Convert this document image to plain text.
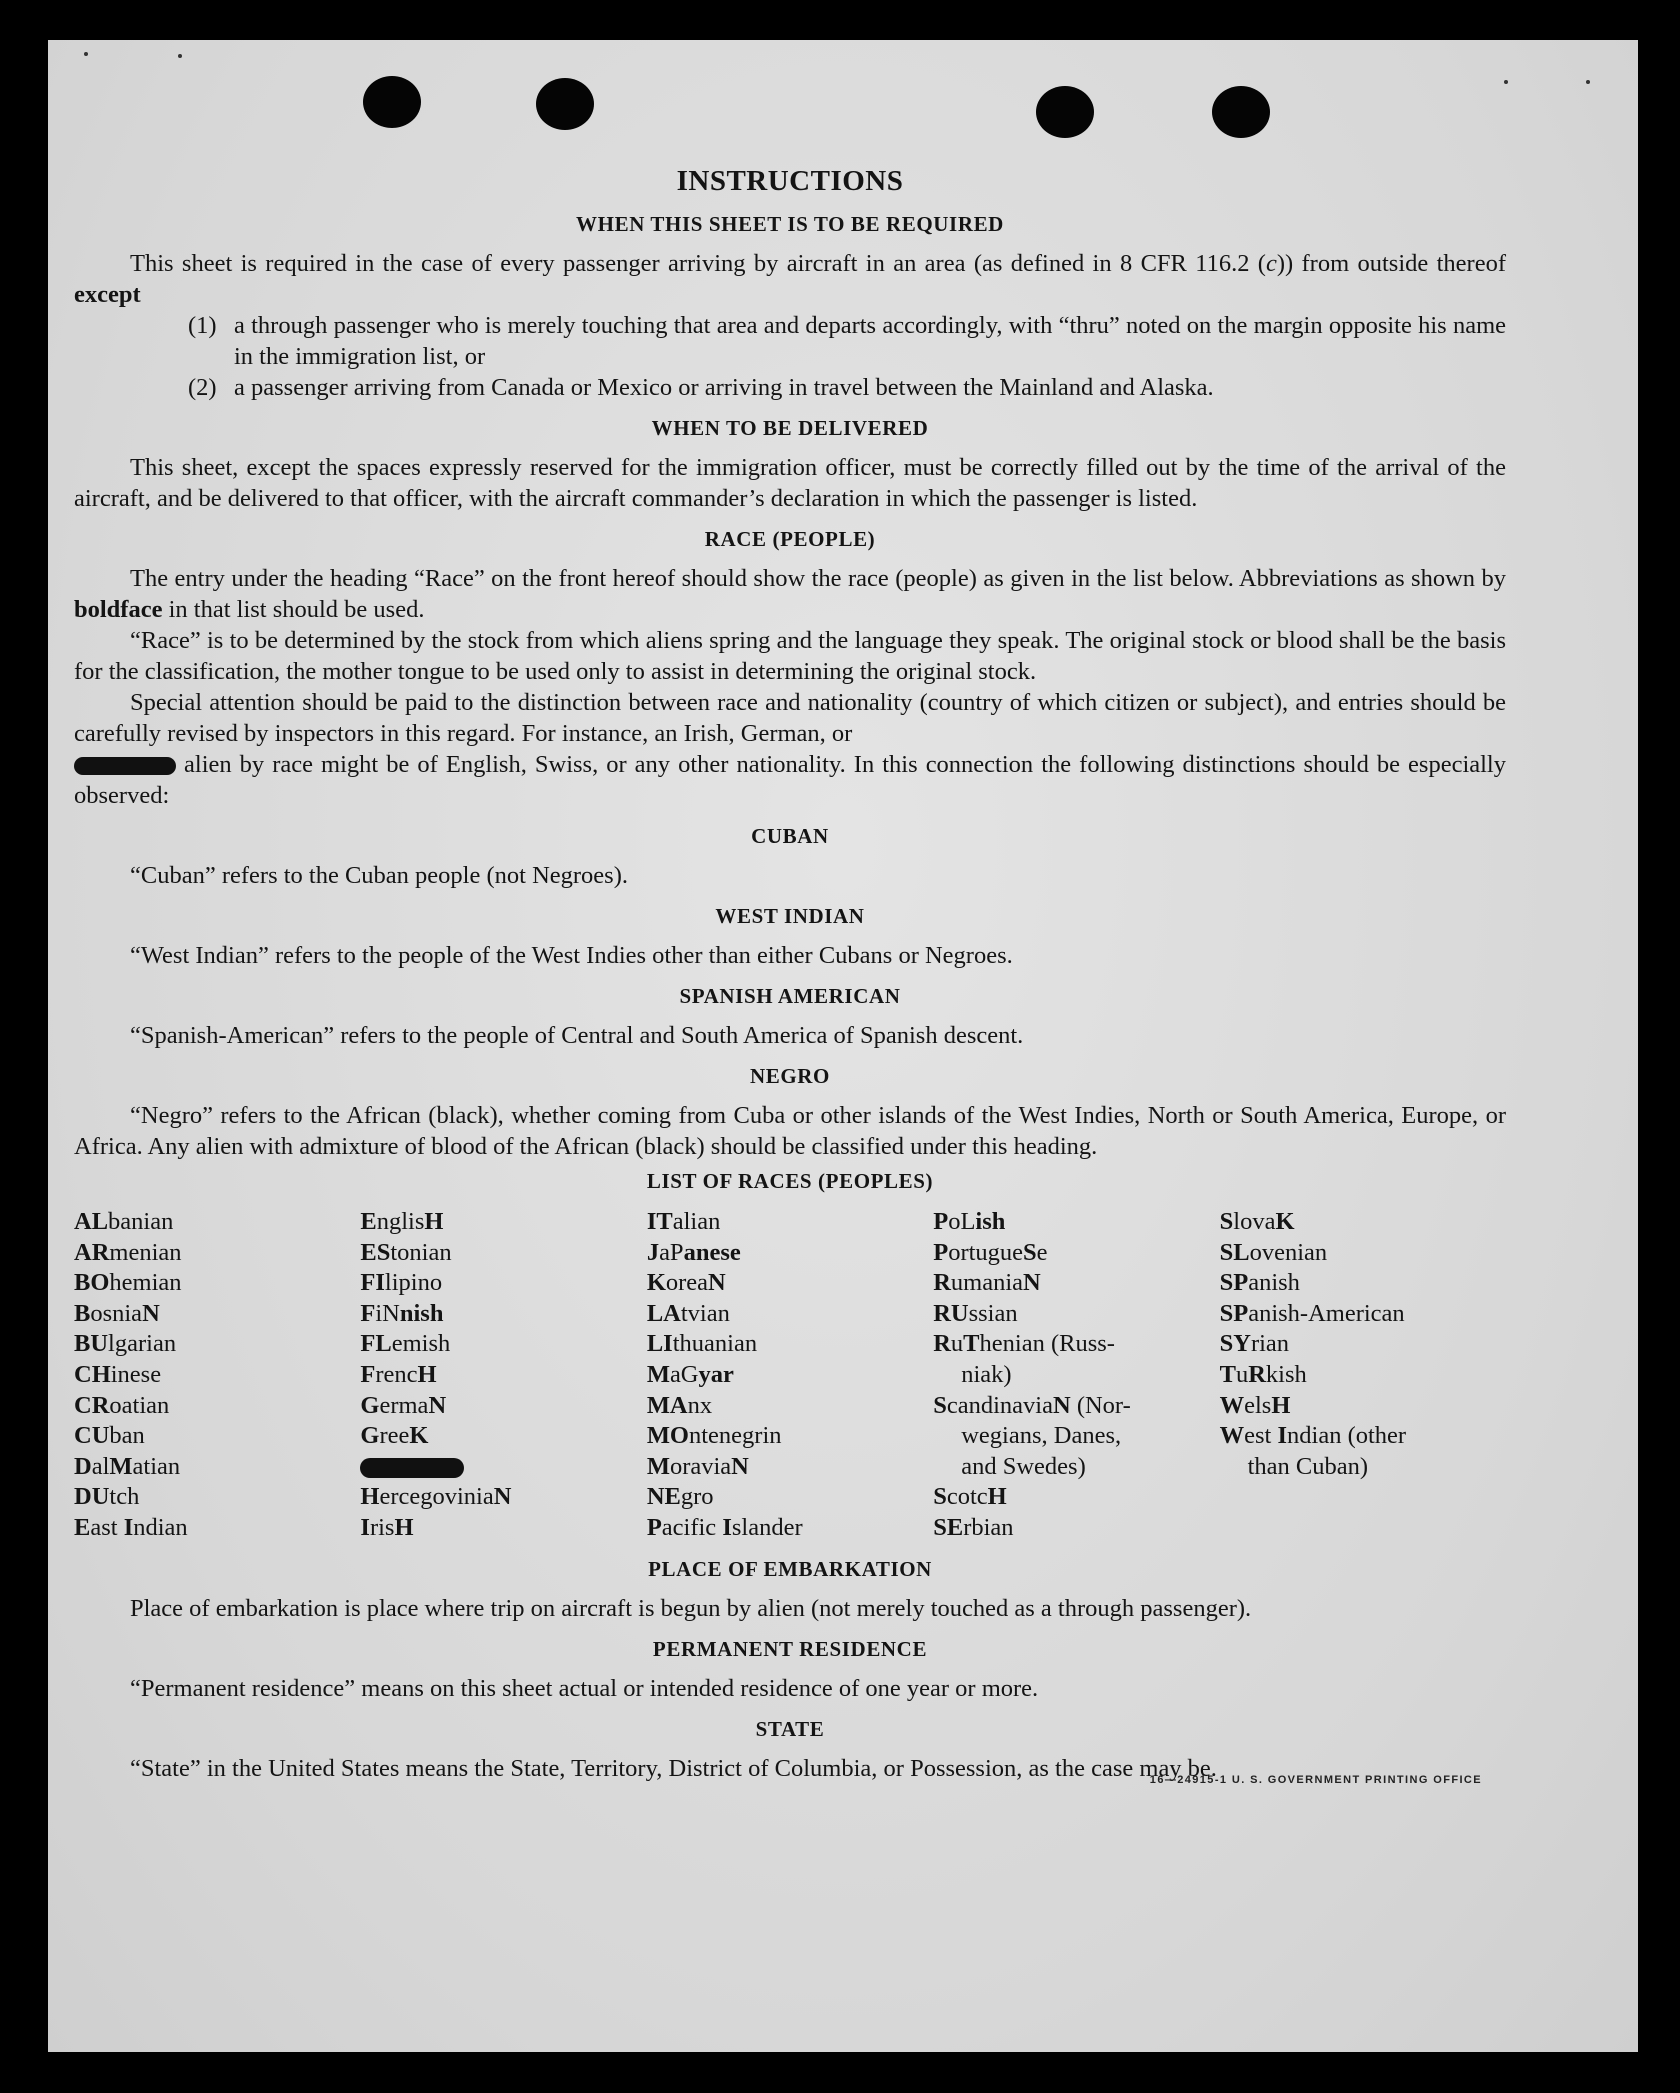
INSTRUCTIONS
WHEN THIS SHEET IS TO BE REQUIRED

This sheet is required in the case of every passenger arriving by aircraft in an area (as defined in 8 CFR 116.2 (c)) from outside thereof except

(1) a through passenger who is merely touching that area and departs accordingly, with “thru” noted on the margin opposite his name in the immigration list, or
(2) a passenger arriving from Canada or Mexico or arriving in travel between the Mainland and Alaska.
WHEN TO BE DELIVERED

This sheet, except the spaces expressly reserved for the immigration officer, must be correctly filled out by the time of the arrival of the aircraft, and be delivered to that officer, with the aircraft commander’s declaration in which the passenger is listed.

RACE (PEOPLE)

The entry under the heading “Race” on the front hereof should show the race (people) as given in the list below. Abbreviations as shown by boldface in that list should be used.

“Race” is to be determined by the stock from which aliens spring and the language they speak. The original stock or blood shall be the basis for the classification, the mother tongue to be used only to assist in determining the original stock.

Special attention should be paid to the distinction between race and nationality (country of which citizen or subject), and entries should be carefully revised by inspectors in this regard. For instance, an Irish, German, or
alien by race might be of English, Swiss, or any other nationality. In this connection the following distinctions should be especially observed:

CUBAN

“Cuban” refers to the Cuban people (not Negroes).

WEST INDIAN

“West Indian” refers to the people of the West Indies other than either Cubans or Negroes.

SPANISH AMERICAN

“Spanish-American” refers to the people of Central and South America of Spanish descent.

NEGRO

“Negro” refers to the African (black), whether coming from Cuba or other islands of the West Indies, North or South America, Europe, or Africa. Any alien with admixture of blood of the African (black) should be classified under this heading.

LIST OF RACES (PEOPLES)
ALbanian
ARmenian
BOhemian
BosniaN
BUlgarian
CHinese
CRoatian
CUban
DalMatian
DUtch
East Indian
EnglisH
EStonian
FIlipino
FiNnish
FLemish
FrencH
GermaN
GreeK
HercegoviniaN
IrisH
ITalian
JaPanese
KoreaN
LAtvian
LIthuanian
MaGyar
MAnx
MOntenegrin
MoraviaN
NEgro
Pacific Islander
PoLish
PortugueSe
RumaniaN
RUssian
RuThenian (Russ-
niak)
ScandinaviaN (Nor-
wegians, Danes,
and Swedes)
ScotcH
SErbian
SlovaK
SLovenian
SPanish
SPanish-American
SYrian
TuRkish
WelsH
West Indian (other
than Cuban)
PLACE OF EMBARKATION

Place of embarkation is place where trip on aircraft is begun by alien (not merely touched as a through passenger).

PERMANENT RESIDENCE

“Permanent residence” means on this sheet actual or intended residence of one year or more.

STATE

“State” in the United States means the State, Territory, District of Columbia, or Possession, as the case may be.

16—24915-1 U. S. GOVERNMENT PRINTING OFFICE
